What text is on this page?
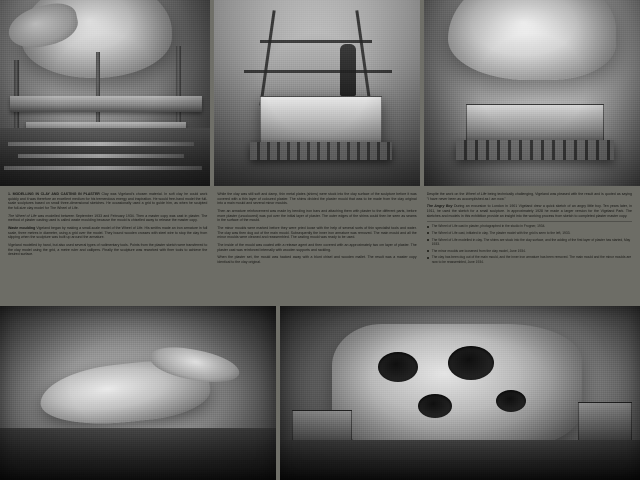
1. MODELLING IN CLAY AND CASTING IN PLASTER Clay was Vigeland's chosen material. In soft clay he could work quickly and it was therefore an excellent medium for his tremendous energy and inspiration. He would free-hand model the full-scale sculptures based on small three-dimensional sketches. He occasionally used a grid to guide him, as when he sculpted the full-size clay model for The Wheel of Life.

The Wheel of Life was modelled between September 1933 and February 1934. Then a master copy was cast in plaster. The method of plaster casting used is called waste moulding because the mould is chiselled away to release the master copy.

Waste moulding Vigeland began by making a small-scale model of the Wheel of Life. His smiths made an iron armature in full scale, three metres in diameter, using a grid over the model. They bound wooden crosses with steel wire to stop the clay from slipping when the sculpture was built up around the armature.

Vigeland modelled by hand, but also used several types of rudimentary tools. Points from the plaster sketch were transferred to the clay model using the grid, a metre ruler and callipers. Finally the sculpture was reworked with finer tools to achieve the desired surface.

While the clay was still soft and damp, thin metal plates (shims) were stuck into the clay surface of the sculpture before it was covered with a thin layer of coloured plaster. The shims divided the plaster mould that was to be made from the clay original into a main mould and several minor moulds.

Then an armature reinforcement was made by bending iron bars and attaching them with plaster to the different parts, before more plaster (uncoloured) was put over the initial layer of plaster. The outer edges of the shims could then be seen as seams in the surface of the mould.

The minor moulds were marked before they were pried loose with the help of several sorts of thin specialist tools and water. The clay was then dug out of the main mould. Subsequently the inner iron armature was removed. The main mould and all the minor moulds were cleaned and reassembled. The casting mould was ready to be used.

The inside of the mould was coated with a release agent and then covered with an approximately two cm layer of plaster. The plaster cast was reinforced internally with wooden supports and rackling.

When the plaster set, the mould was hacked away with a blunt chisel and wooden mallet. The result was a master copy identical to the clay original.

Despite the work on the Wheel of Life being technically challenging, Vigeland was pleased with the result and is quoted as saying "I have never been as accomplished as I am now."

The Angry Boy During an excursion to London in 1901 Vigeland drew a quick sketch of an angry little boy. Ten years later, in 1911, he used the sketch for a small sculpture. In approximately 1928 he made a larger version for the Vigeland Park. The sketches and models in this exhibition provide an insight into the working process from sketch to completed plaster master copy.

The Wheel of Life cast in plaster, photographed in the studio in Frogner, 1934.
The Wheel of Life cast, initiated in clay. The plaster model with the grid is seen to the left, 1933.
The Wheel of Life modelled in clay. The shims are stuck into the clay surface, and the adding of the first layer of plaster has started, May 1933.
The minor moulds are loosened from the clay model, June 1934.
The clay has been dug out of the main mould, and the inner iron armature has been removed. The main mould and the minor moulds are now to be reassembled, June 1934.
